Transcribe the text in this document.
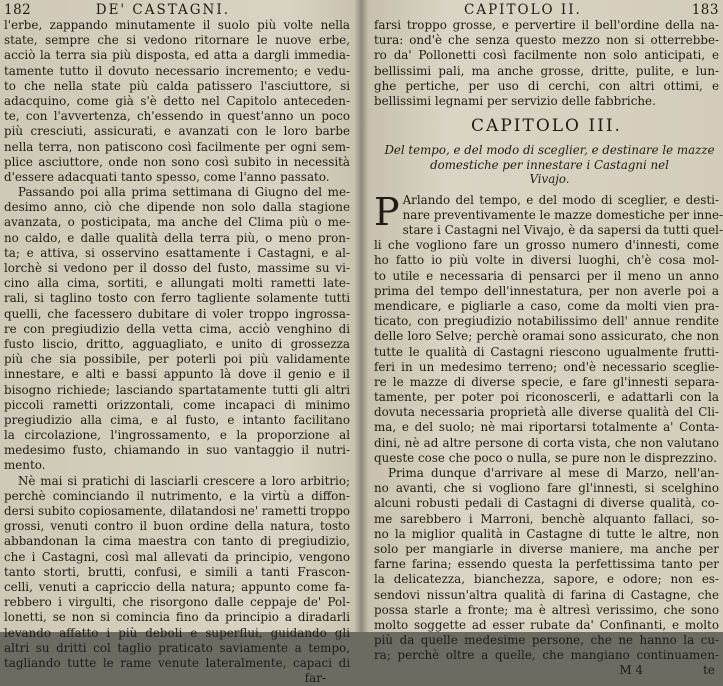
182	DE' CASTAGNI.
l'erbe, zappando minutamente il suolo più volte nella
state, sempre che si vedono ritornare le nuove erbe,
acciò la terra sia più disposta, ed atta a dargli immedia-
tamente tutto il dovuto necessario incremento; e vedu-
to che nella state più calda patissero l'asciuttore, si
adacquino, come già s'è detto nel Capitolo anteceden-
te, con l'avvertenza, ch'essendo in quest'anno un poco
più cresciuti, assicurati, e avanzati con le loro barbe
nella terra, non patiscono così facilmente per ogni sem-
plice asciuttore, onde non sono così subito in necessità
d'essere adacquati tanto spesso, come l'anno passato.
Passando poi alla prima settimana di Giugno del me-
desimo anno, ciò che dipende non solo dalla stagione
avanzata, o posticipata, ma anche del Clima più o me-
no caldo, e dalle qualità della terra più, o meno pron-
ta; e attiva, si osservino esattamente i Castagni, e al-
lorchè si vedono per il dosso del fusto, massime su vi-
cino alla cima, sortiti, e allungati molti rametti late-
rali, si taglino tosto con ferro tagliente solamente tutti
quelli, che facessero dubitare di voler troppo ingrossa-
re con pregiudizio della vetta cima, acciò venghino di
fusto liscio, dritto, agguagliato, e unito di grossezza
più che sia possibile, per poterli poi più validamente
innestare, e alti e bassi appunto là dove il genio e il
bisogno richiede; lasciando spartatamente tutti gli altri
piccoli rametti orizzontali, come incapaci di minimo
pregiudizio alla cima, e al fusto, e intanto facilitano
la circolazione, l'ingrossamento, e la proporzione al
medesimo fusto, chiamando in suo vantaggio il nutri-
mento.
Nè mai si pratichi di lasciarli crescere a loro arbitrio;
perchè cominciando il nutrimento, e la virtù a diffon-
dersi subito copiosamente, dilatandosi ne' rametti troppo
grossi, venuti contro il buon ordine della natura, tosto
abbandonan la cima maestra con tanto di pregiudizio,
che i Castagni, così mal allevati da principio, vengono
tanto storti, brutti, confusi, e simili a tanti Frascon-
celli, venuti a capriccio della natura; appunto come fa-
rebbero i virgulti, che risorgono dalle ceppaje de' Pol-
lonetti, se non si comincia fino da principio a diradarli
levando affatto i più deboli e superflui, guidando gli
altri su dritti col taglio praticato saviamente a tempo,
tagliando tutte le rame venute lateralmente, capaci di
far-
CAPITOLO II.	183
farsi troppo grosse, e pervertire il bell'ordine della na-
tura: ond'è che senza questo mezzo non si otterrebbe-
ro da' Pollonetti così facilmente non solo anticipati, e
bellissimi pali, ma anche grosse, dritte, pulite, e lun-
ghe pertiche, per uso di cerchi, con altri ottimi, e
bellissimi legnami per servizio delle fabbriche.
CAPITOLO III.
Del tempo, e del modo di sceglier, e destinare le mazze
domestiche per innestare i Castagni nel
Vivajo.
P Arlando del tempo, e del modo di sceglier, e desti-
nare preventivamente le mazze domestiche per inne-
stare i Castagni nel Vivajo, è da sapersi da tutti quel-
li che vogliono fare un grosso numero d'innesti, come
ho fatto io più volte in diversi luoghi, ch'è cosa mol-
to utile e necessaria di pensarci per il meno un anno
prima del tempo dell'innestatura, per non averle poi a
mendicare, e pigliarle a caso, come da molti vien pra-
ticato, con pregiudizio notabilissimo dell' annue rendite
delle loro Selve; perchè oramai sono assicurato, che non
tutte le qualità di Castagni riescono ugualmente frutti-
feri in un medesimo terreno; ond'è necessario sceglie-
re le mazze di diverse specie, e fare gl'innesti separa-
tamente, per poter poi riconoscerli, e adattarli con la
dovuta necessaria proprietà alle diverse qualità del Cli-
ma, e del suolo; nè mai riportarsi totalmente a' Conta-
dini, nè ad altre persone di corta vista, che non valutano
queste cose che poco o nulla, se pure non le disprezzino.
Prima dunque d'arrivare al mese di Marzo, nell'an-
no avanti, che si vogliono fare gl'innesti, si scelghino
alcuni robusti pedali di Castagni di diverse qualità, co-
me sarebbero i Marroni, benchè alquanto fallaci, so-
no la miglior qualità in Castagne di tutte le altre, non
solo per mangiarle in diverse maniere, ma anche per
farne farina; essendo questa la perfettissima tanto per
la delicatezza, bianchezza, sapore, e odore; non es-
sendovi nissun'altra qualità di farina di Castagne, che
possa starle a fronte; ma è altresì verissimo, che sono
molto soggette ad esser rubate da' Confinanti, e molto
più da quelle medesime persone, che ne hanno la cu-
ra; perchè oltre a quelle, che mangiano continuamen-
M 4	te
